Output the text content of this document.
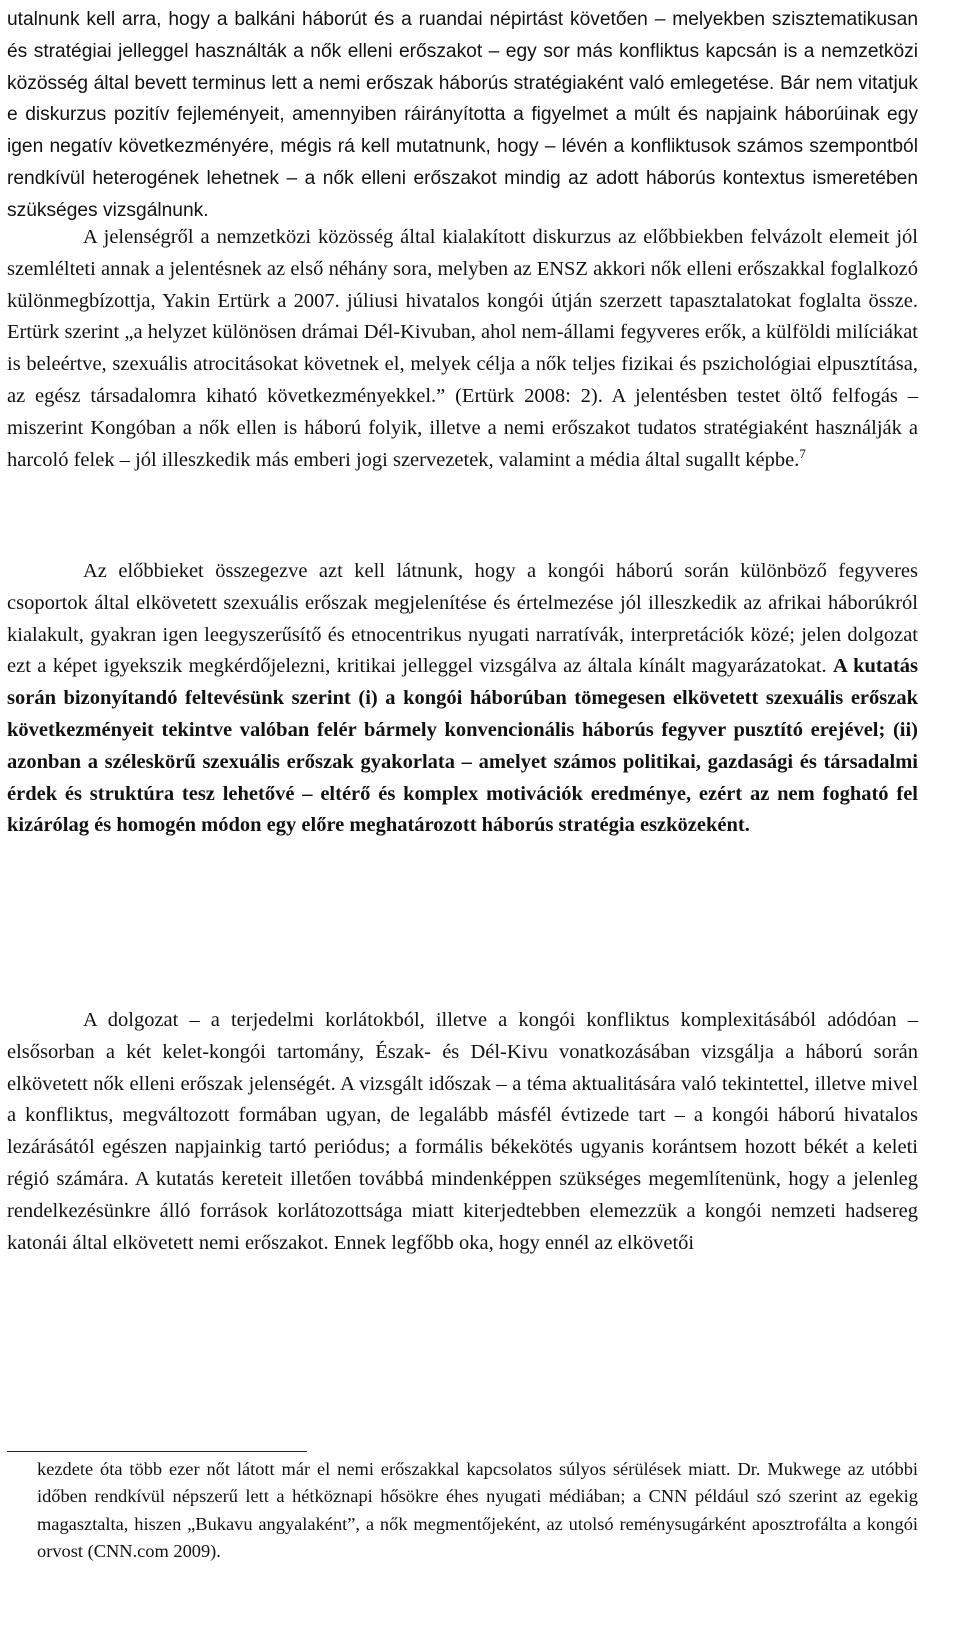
utalnunk kell arra, hogy a balkáni háborút és a ruandai népirtást követően – melyekben szisztematikusan és stratégiai jelleggel használták a nők elleni erőszakot – egy sor más konfliktus kapcsán is a nemzetközi közösség által bevett terminus lett a nemi erőszak háborús stratégiaként való emlegetése. Bár nem vitatjuk e diskurzus pozitív fejleményeit, amennyiben ráirányította a figyelmet a múlt és napjaink háborúinak egy igen negatív következményére, mégis rá kell mutatnunk, hogy – lévén a konfliktusok számos szempontból rendkívül heterogének lehetnek – a nők elleni erőszakot mindig az adott háborús kontextus ismeretében szükséges vizsgálnunk.

A jelenségről a nemzetközi közösség által kialakított diskurzus az előbbiekben felvázolt elemeit jól szemlélteti annak a jelentésnek az első néhány sora, melyben az ENSZ akkori nők elleni erőszakkal foglalkozó különmegbízottja, Yakin Ertürk a 2007. júliusi hivatalos kongói útján szerzett tapasztalatokat foglalta össze. Ertürk szerint „a helyzet különösen drámai Dél-Kivuban, ahol nem-állami fegyveres erők, a külföldi milíciákat is beleértve, szexuális atrocitásokat követnek el, melyek célja a nők teljes fizikai és pszichológiai elpusztítása, az egész társadalomra kiható következményekkel.” (Ertürk 2008: 2). A jelentésben testet öltő felfogás – miszerint Kongóban a nők ellen is háború folyik, illetve a nemi erőszakot tudatos stratégiaként használják a harcoló felek – jól illeszkedik más emberi jogi szervezetek, valamint a média által sugallt képbe.$^7$

Az előbbieket összegezve azt kell látnunk, hogy a kongói háború során különböző fegyveres csoportok által elkövetett szexuális erőszak megjelenítése és értelmezése jól illeszkedik az afrikai háborúkról kialakult, gyakran igen leegyszerűsítő és etnocentrikus nyugati narratívák, interpretációk közé; jelen dolgozat ezt a képet igyekszik megkérdőjelezni, kritikai jelleggel vizsgálva az általa kínált magyarázatokat. A kutatás során bizonyítandó feltevésünk szerint (i) a kongói háborúban tömegesen elkövetett szexuális erőszak következményeit tekintve valóban felér bármely konvencionális háborús fegyver pusztító erejével; (ii) azonban a széleskörű szexuális erőszak gyakorlata – amelyet számos politikai, gazdasági és társadalmi érdek és struktúra tesz lehetővé – eltérő és komplex motivációk eredménye, ezért az nem fogható fel kizárólag és homogén módon egy előre meghatározott háborús stratégia eszközeként.

A dolgozat – a terjedelmi korlátokból, illetve a kongói konfliktus komplexitásából adódóan – elsősorban a két kelet-kongói tartomány, Észak- és Dél-Kivu vonatkozásában vizsgálja a háború során elkövetett nők elleni erőszak jelenségét. A vizsgált időszak – a téma aktualitására való tekintettel, illetve mivel a konfliktus, megváltozott formában ugyan, de legalább másfél évtizede tart – a kongói háború hivatalos lezárásától egészen napjainkig tartó periódus; a formális békekötés ugyanis korántsem hozott békét a keleti régió számára. A kutatás kereteit illetően továbbá mindenképpen szükséges megemlítenünk, hogy a jelenleg rendelkezésünkre álló források korlátozottsága miatt kiterjedtebben elemezzük a kongói nemzeti hadsereg katonái által elkövetett nemi erőszakot. Ennek legfőbb oka, hogy ennél az elkövetői

kezdete óta több ezer nőt látott már el nemi erőszakkal kapcsolatos súlyos sérülések miatt. Dr. Mukwege az utóbbi időben rendkívül népszerű lett a hétköznapi hősökre éhes nyugati médiában; a CNN például szó szerint az egekig magasztalta, hiszen „Bukavu angyalaként”, a nők megmentőjeként, az utolsó reménysugárként aposztrofálta a kongói orvost (CNN.com 2009).
